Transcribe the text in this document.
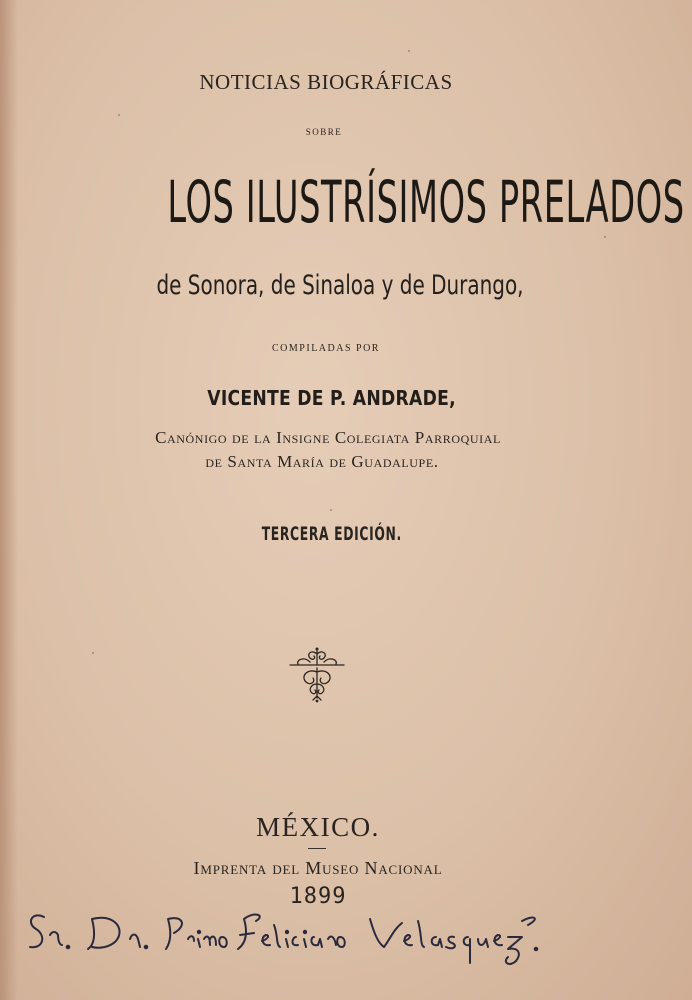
NOTICIAS BIOGRÁFICAS
SOBRE
LOS ILUSTRÍSIMOS PRELADOS
de Sonora, de Sinaloa y de Durango,
COMPILADAS POR
VICENTE DE P. ANDRADE,
Canónigo de la Insigne Colegiata Parroquial
de Santa María de Guadalupe.
TERCERA EDICIÓN.
MÉXICO.
Imprenta del Museo Nacional
1899
